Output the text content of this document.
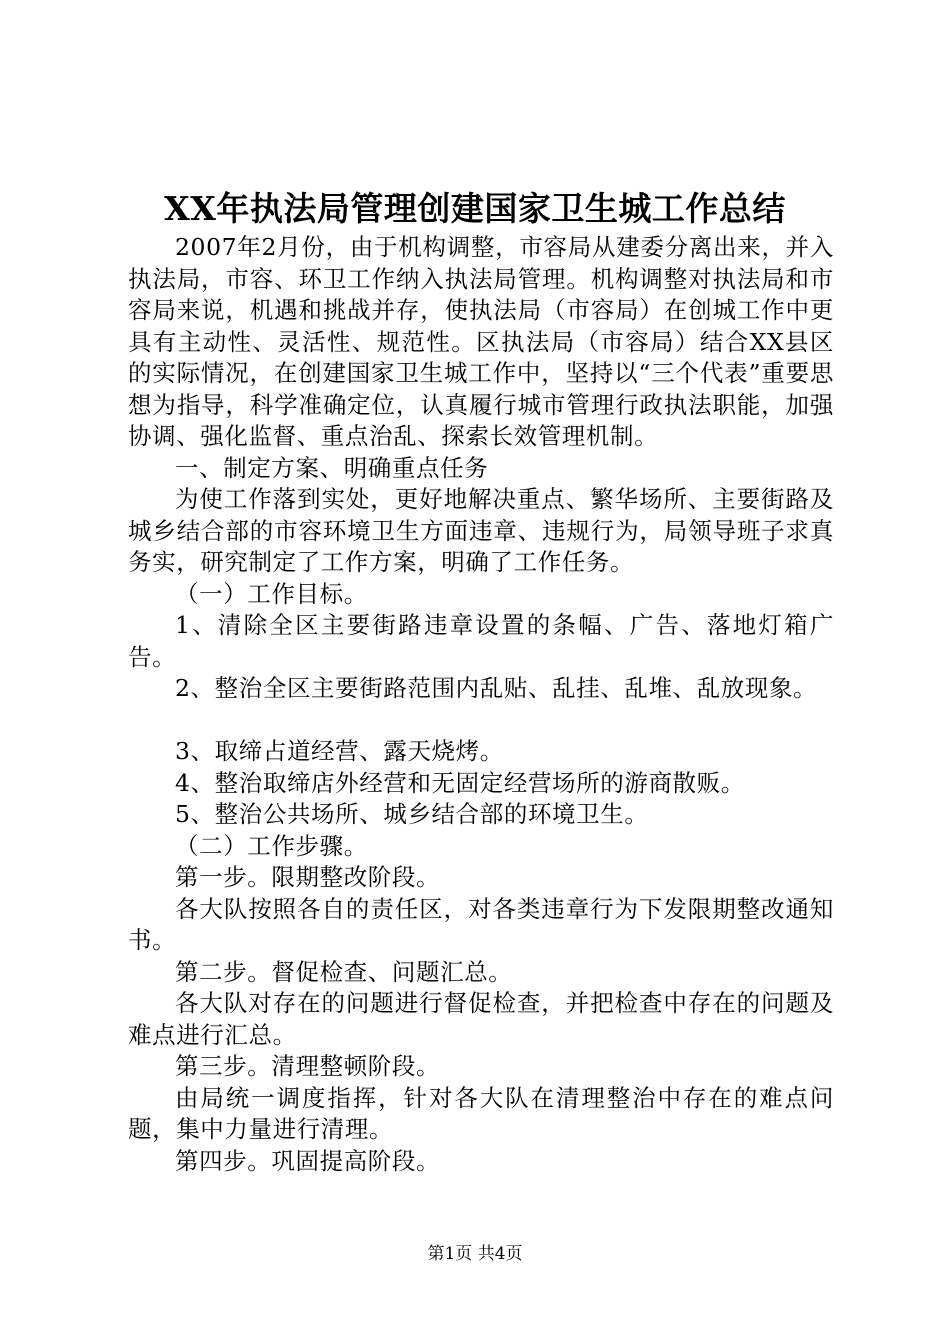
XX年执法局管理创建国家卫生城工作总结

2007年2月份，由于机构调整，市容局从建委分离出来，并入执法局，市容、环卫工作纳入执法局管理。机构调整对执法局和市容局来说，机遇和挑战并存，使执法局（市容局）在创城工作中更具有主动性、灵活性、规范性。区执法局（市容局）结合XX县区的实际情况，在创建国家卫生城工作中，坚持以“三个代表”重要思想为指导，科学准确定位，认真履行城市管理行政执法职能，加强协调、强化监督、重点治乱、探索长效管理机制。

一、制定方案、明确重点任务

为使工作落到实处，更好地解决重点、繁华场所、主要街路及城乡结合部的市容环境卫生方面违章、违规行为，局领导班子求真务实，研究制定了工作方案，明确了工作任务。

（一）工作目标。

1、清除全区主要街路违章设置的条幅、广告、落地灯箱广告。

2、整治全区主要街路范围内乱贴、乱挂、乱堆、乱放现象。

3、取缔占道经营、露天烧烤。

4、整治取缔店外经营和无固定经营场所的游商散贩。

5、整治公共场所、城乡结合部的环境卫生。

（二）工作步骤。

第一步。限期整改阶段。

各大队按照各自的责任区，对各类违章行为下发限期整改通知书。

第二步。督促检查、问题汇总。

各大队对存在的问题进行督促检查，并把检查中存在的问题及难点进行汇总。

第三步。清理整顿阶段。

由局统一调度指挥，针对各大队在清理整治中存在的难点问题，集中力量进行清理。

第四步。巩固提高阶段。

第1页 共4页
